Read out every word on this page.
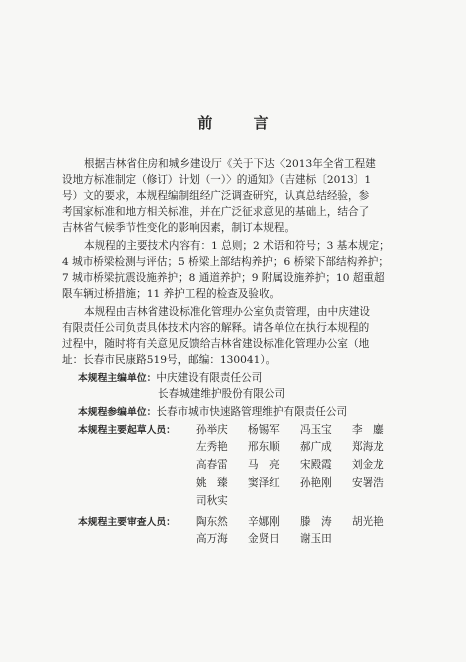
前 言
根据吉林省住房和城乡建设厅《关于下达〈2013年全省工程建
设地方标准制定（修订）计划（一）〉的通知》（吉建标〔2013〕1
号）文的要求，本规程编制组经广泛调查研究，认真总结经验，参
考国家标准和地方相关标准，并在广泛征求意见的基础上，结合了
吉林省气候季节性变化的影响因素，制订本规程。
本规程的主要技术内容有：1 总则；2 术语和符号；3 基本规定；
4 城市桥梁检测与评估；5 桥梁上部结构养护；6 桥梁下部结构养护；
7 城市桥梁抗震设施养护；8 通道养护；9 附属设施养护；10 超重超
限车辆过桥措施；11 养护工程的检查及验收。
本规程由吉林省建设标准化管理办公室负责管理，由中庆建设
有限责任公司负责具体技术内容的解释。请各单位在执行本规程的
过程中，随时将有关意见反馈给吉林省建设标准化管理办公室（地
址：长春市民康路519号，邮编：130041）。
本规程主编单位：中庆建设有限责任公司
长春城建维护股份有限公司
本规程参编单位：长春市城市快速路管理维护有限责任公司
本规程主要起草人员： 孙举庆 杨锡军 冯玉宝 李　鏖
左秀艳 邢东顺 郝广成 郑海龙
高春雷 马　亮 宋殿霞 刘金龙
姚　臻 窦泽红 孙艳刚 安署浩
司秋实
本规程主要审查人员： 陶东然 辛娜刚 滕　涛 胡光艳
高万海 金贤日 谢玉田
